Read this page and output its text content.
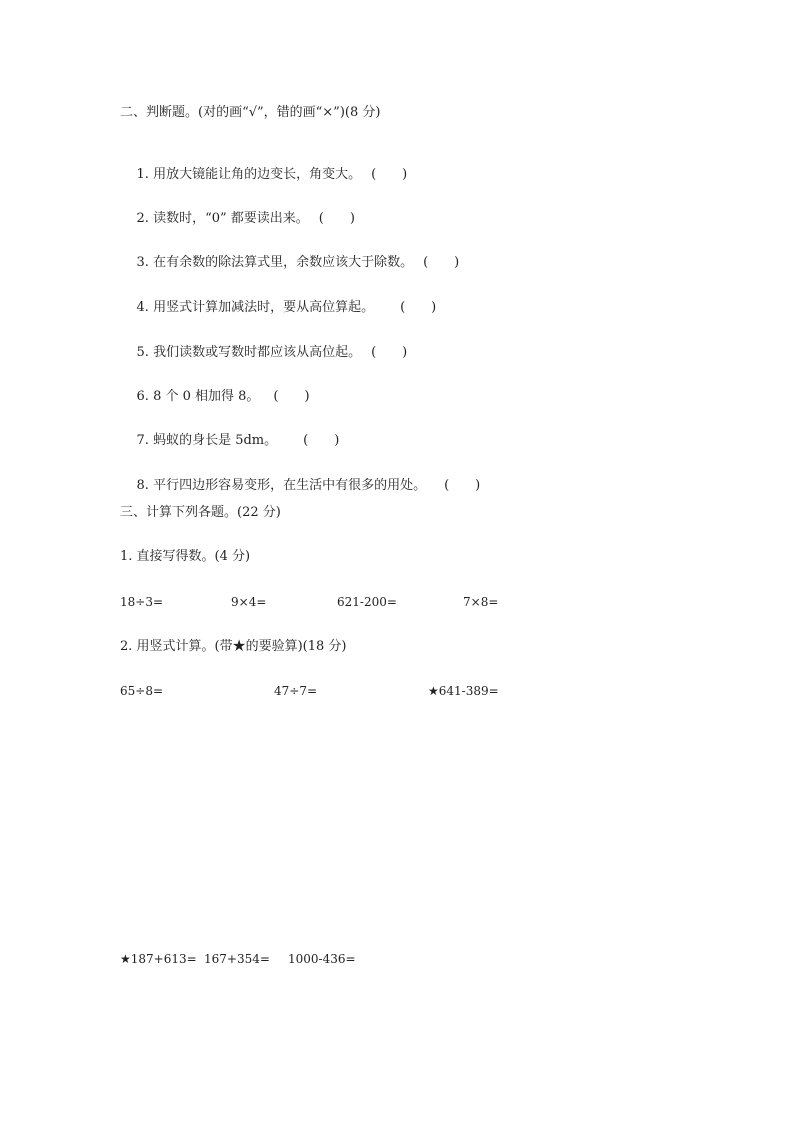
二、判断题。(对的画“√”，错的画“×”)(8 分)

1. 用放大镜能让角的边变长，角变大。 (　　)

2. 读数时，“0” 都要读出来。 (　　)

3. 在有余数的除法算式里，余数应该大于除数。 (　　)

4. 用竖式计算加减法时，要从高位算起。 (　　)

5. 我们读数或写数时都应该从高位起。 (　　)

6. 8 个 0 相加得 8。 (　　)

7. 蚂蚁的身长是 5dm。 (　　)

8. 平行四边形容易变形，在生活中有很多的用处。 (　　)

三、计算下列各题。(22 分)
1. 直接写得数。(4 分)
18÷3=	9×4=	621-200=	7×8=
2. 用竖式计算。(带★的要验算)(18 分)
65÷8=	47÷7=	★641-389=
★187+613= 167+354= 1000-436=
